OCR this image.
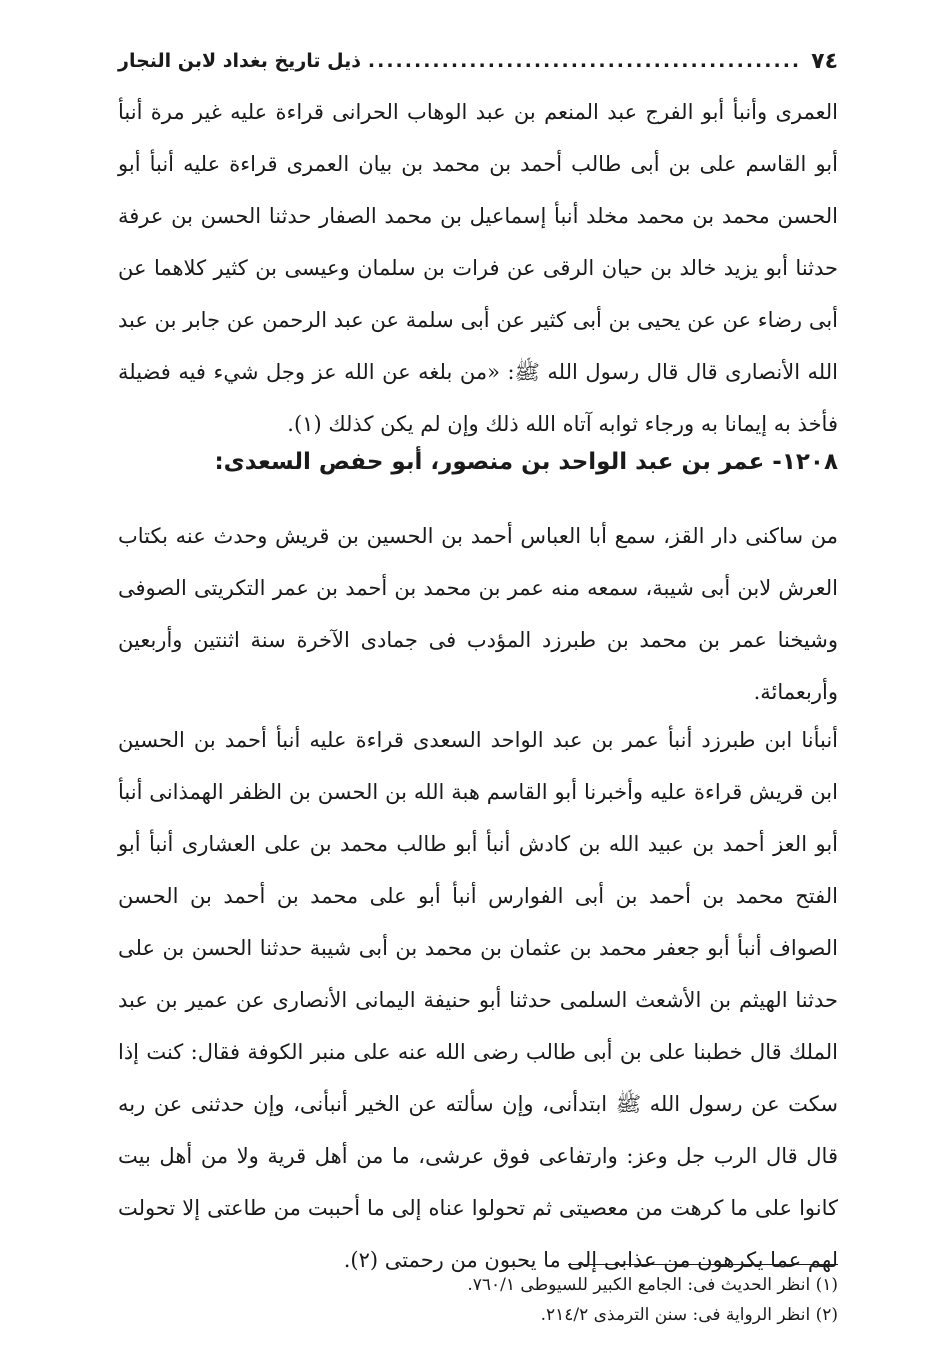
٧٤
.....
ذيل تاريخ بغداد لابن النجار
العمرى وأنبأ أبو الفرج عبد المنعم بن عبد الوهاب الحرانى قراءة عليه غير مرة أنبأ أبو القاسم على بن أبى طالب أحمد بن محمد بن بيان العمرى قراءة عليه أنبأ أبو الحسن محمد بن محمد مخلد أنبأ إسماعيل بن محمد الصفار حدثنا الحسن بن عرفة حدثنا أبو يزيد خالد بن حيان الرقى عن فرات بن سلمان وعيسى بن كثير كلاهما عن أبى رضاء عن عن يحيى بن أبى كثير عن أبى سلمة عن عبد الرحمن عن جابر بن عبد الله الأنصارى قال قال رسول الله ﷺ: «من بلغه عن الله عز وجل شيء فيه فضيلة فأخذ به إيمانا به ورجاء ثوابه آتاه الله ذلك وإن لم يكن كذلك (١).
١٢٠٨- عمر بن عبد الواحد بن منصور، أبو حفص السعدى:
من ساكنى دار القز، سمع أبا العباس أحمد بن الحسين بن قريش وحدث عنه بكتاب العرش لابن أبى شيبة، سمعه منه عمر بن محمد بن أحمد بن عمر التكريتى الصوفى وشيخنا عمر بن محمد بن طبرزد المؤدب فى جمادى الآخرة سنة اثنتين وأربعين وأربعمائة.
أنبأنا ابن طبرزد أنبأ عمر بن عبد الواحد السعدى قراءة عليه أنبأ أحمد بن الحسين ابن قريش قراءة عليه وأخبرنا أبو القاسم هبة الله بن الحسن بن الظفر الهمذانى أنبأ أبو العز أحمد بن عبيد الله بن كادش أنبأ أبو طالب محمد بن على العشارى أنبأ أبو الفتح محمد بن أحمد بن أبى الفوارس أنبأ أبو على محمد بن أحمد بن الحسن الصواف أنبأ أبو جعفر محمد بن عثمان بن محمد بن أبى شيبة حدثنا الحسن بن على حدثنا الهيثم بن الأشعث السلمى حدثنا أبو حنيفة اليمانى الأنصارى عن عمير بن عبد الملك قال خطبنا على بن أبى طالب رضى الله عنه على منبر الكوفة فقال: كنت إذا سكت عن رسول الله ﷺ ابتدأنى، وإن سألته عن الخير أنبأنى، وإن حدثنى عن ربه قال قال الرب جل وعز: وارتفاعى فوق عرشى، ما من أهل قرية ولا من أهل بيت كانوا على ما كرهت من معصيتى ثم تحولوا عناه إلى ما أحببت من طاعتى إلا تحولت لهم عما يكرهون من عذابى إلى ما يحبون من رحمتى (٢).
(١) انظر الحديث فى: الجامع الكبير للسيوطى ٧٦٠/١.
(٢) انظر الرواية فى: سنن الترمذى ٢١٤/٢.
